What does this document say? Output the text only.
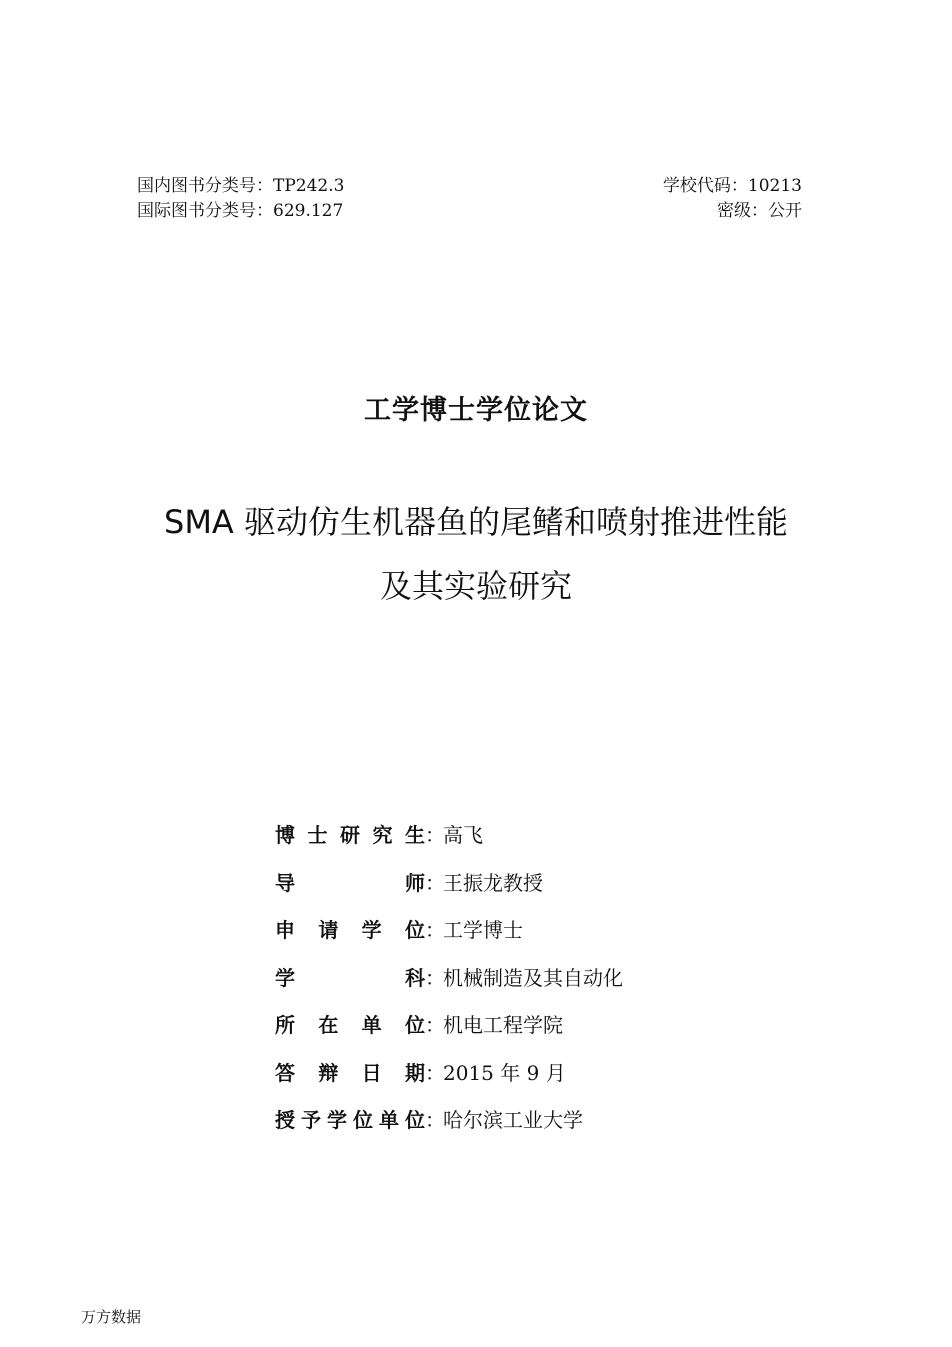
国内图书分类号：TP242.3
国际图书分类号：629.127
学校代码：10213
密级：公开
工学博士学位论文
SMA 驱动仿生机器鱼的尾鳍和喷射推进性能
及其实验研究
博 士 研 究 生 ：
高飞
导	师 ：
王振龙教授
申 请 学 位 ：
工学博士
学	科 ：
机械制造及其自动化
所 在 单 位 ：
机电工程学院
答 辩 日 期 ：
2015 年 9 月
授 予 学 位 单 位 ：
哈尔滨工业大学
万方数据
